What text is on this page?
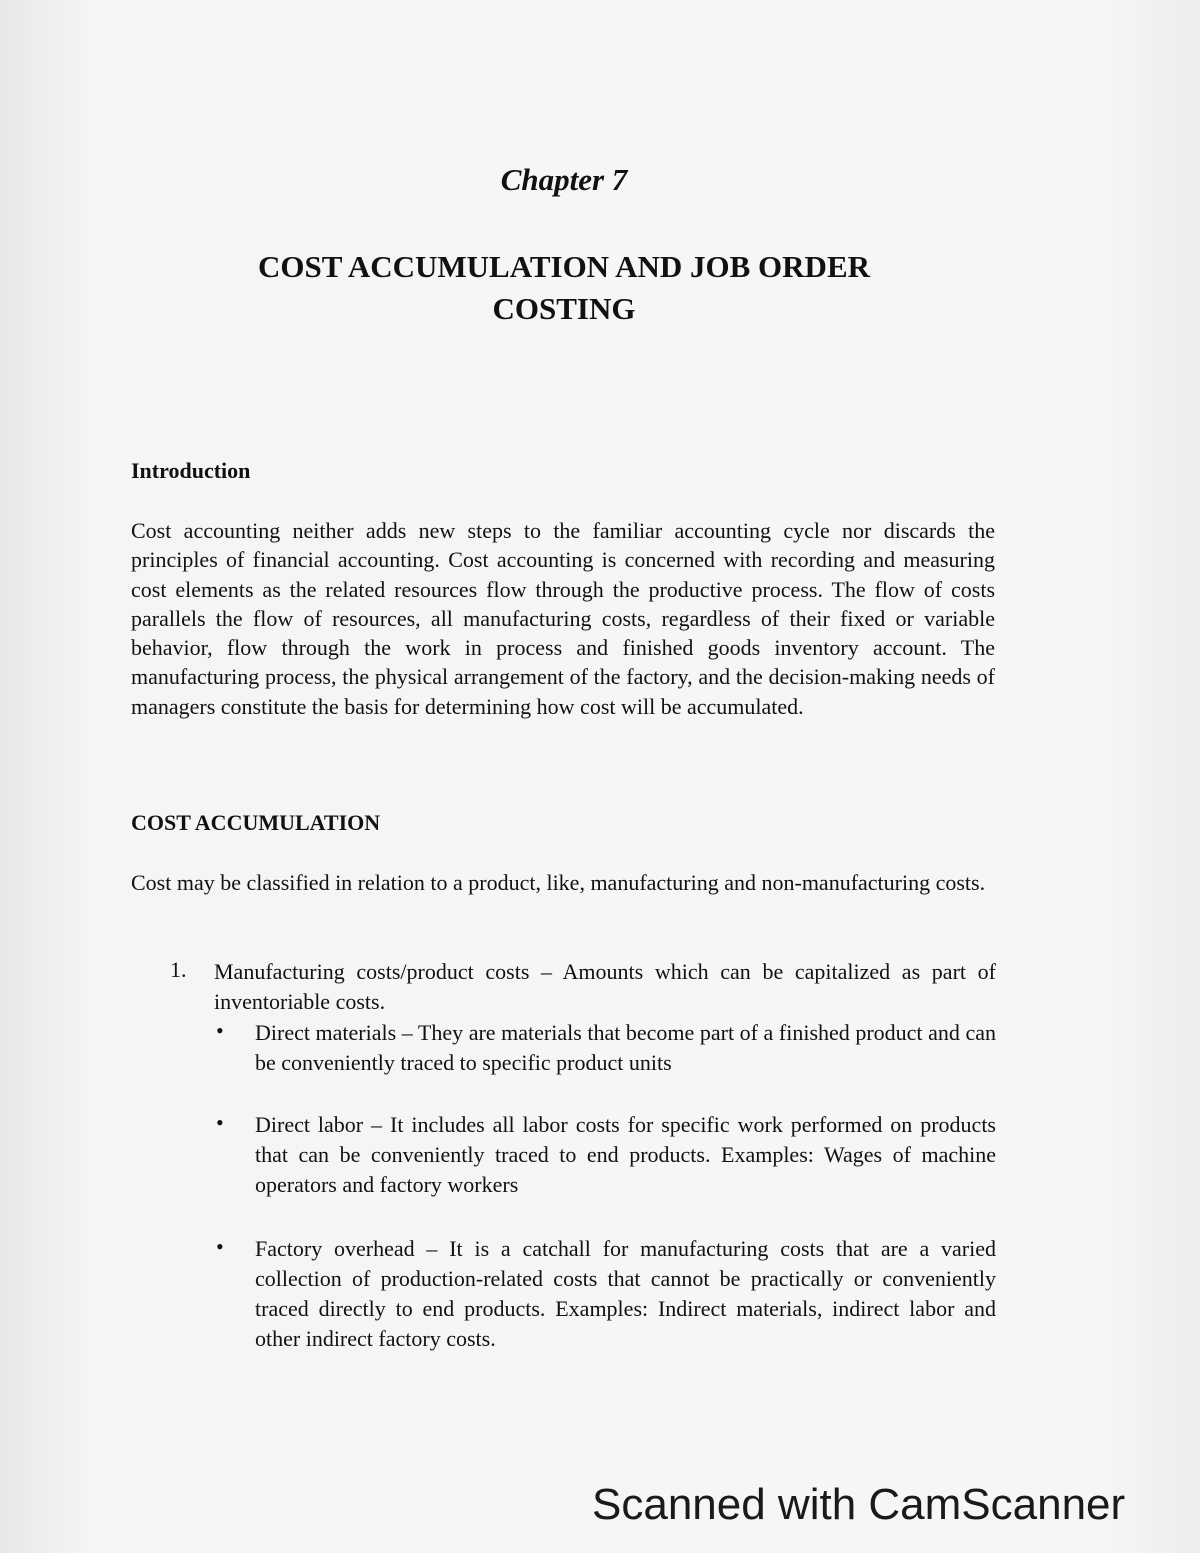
Chapter 7
COST ACCUMULATION AND JOB ORDER
COSTING
Introduction
Cost accounting neither adds new steps to the familiar accounting cycle nor discards the principles of financial accounting. Cost accounting is concerned with recording and measuring cost elements as the related resources flow through the productive process. The flow of costs parallels the flow of resources, all manufacturing costs, regardless of their fixed or variable behavior, flow through the work in process and finished goods inventory account. The manufacturing process, the physical arrangement of the factory, and the decision-making needs of managers constitute the basis for determining how cost will be accumulated.
COST ACCUMULATION
Cost may be classified in relation to a product, like, manufacturing and non-manufacturing costs.
1. Manufacturing costs/product costs – Amounts which can be capitalized as part of inventoriable costs.
• Direct materials – They are materials that become part of a finished product and can be conveniently traced to specific product units
• Direct labor – It includes all labor costs for specific work performed on products that can be conveniently traced to end products. Examples: Wages of machine operators and factory workers
• Factory overhead – It is a catchall for manufacturing costs that are a varied collection of production-related costs that cannot be practically or conveniently traced directly to end products. Examples: Indirect materials, indirect labor and other indirect factory costs.
Scanned with CamScanner
